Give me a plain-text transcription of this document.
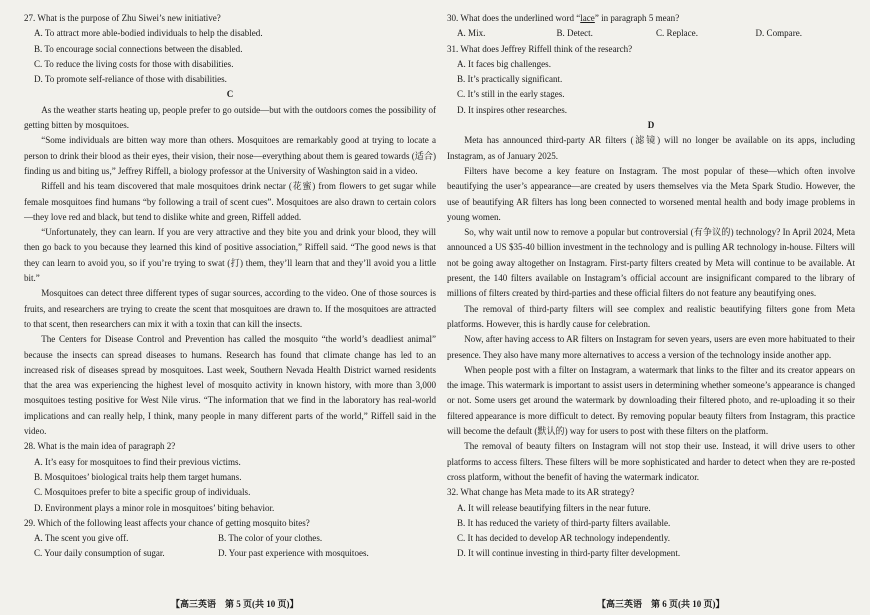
27. What is the purpose of Zhu Siwei’s new initiative?

A. To attract more able-bodied individuals to help the disabled.

B. To encourage social connections between the disabled.

C. To reduce the living costs for those with disabilities.

D. To promote self-reliance of those with disabilities.

C

As the weather starts heating up, people prefer to go outside—but with the outdoors comes the possibility of getting bitten by mosquitoes.

“Some individuals are bitten way more than others. Mosquitoes are remarkably good at trying to locate a person to drink their blood as their eyes, their vision, their nose—everything about them is geared towards (适合) finding us and biting us,” Jeffrey Riffell, a biology professor at the University of Washington said in a video.

Riffell and his team discovered that male mosquitoes drink nectar (花蜜) from flowers to get sugar while female mosquitoes find humans “by following a trail of scent cues”. Mosquitoes are also drawn to certain colors—they love red and black, but tend to dislike white and green, Riffell added.

“Unfortunately, they can learn. If you are very attractive and they bite you and drink your blood, they will then go back to you because they learned this kind of positive association,” Riffell said. “The good news is that they can learn to avoid you, so if you’re trying to swat (打) them, they’ll learn that and they’ll avoid you a little bit.”

Mosquitoes can detect three different types of sugar sources, according to the video. One of those sources is fruits, and researchers are trying to create the scent that mosquitoes are drawn to. If the mosquitoes are attracted to that scent, then researchers can mix it with a toxin that can kill the insects.

The Centers for Disease Control and Prevention has called the mosquito “the world’s deadliest animal” because the insects can spread diseases to humans. Research has found that climate change has led to an increased risk of diseases spread by mosquitoes. Last week, Southern Nevada Health District warned residents that the area was experiencing the highest level of mosquito activity in known history, with more than 3,000 mosquitoes testing positive for West Nile virus. “The information that we find in the laboratory has real-world implications and can really help, I think, many people in many different parts of the world,” Riffell said in the video.

28. What is the main idea of paragraph 2?

A. It’s easy for mosquitoes to find their previous victims.

B. Mosquitoes’ biological traits help them target humans.

C. Mosquitoes prefer to bite a specific group of individuals.

D. Environment plays a minor role in mosquitoes’ biting behavior.

29. Which of the following least affects your chance of getting mosquito bites?

A. The scent you give off.	B. The color of your clothes.
C. Your daily consumption of sugar.	D. Your past experience with mosquitoes.

30. What does the underlined word “lace” in paragraph 5 mean?

A. Mix.	B. Detect.	C. Replace.	D. Compare.

31. What does Jeffrey Riffell think of the research?

A. It faces big challenges.

B. It’s practically significant.

C. It’s still in the early stages.

D. It inspires other researches.

D

Meta has announced third-party AR filters (滤镜) will no longer be available on its apps, including Instagram, as of January 2025.

Filters have become a key feature on Instagram. The most popular of these—which often involve beautifying the user’s appearance—are created by users themselves via the Meta Spark Studio. However, the use of beautifying AR filters has long been connected to worsened mental health and body image problems in young women.

So, why wait until now to remove a popular but controversial (有争议的) technology? In April 2024, Meta announced a US $35-40 billion investment in the technology and is pulling AR technology in-house. Filters will not be going away altogether on Instagram. First-party filters created by Meta will continue to be available. At present, the 140 filters available on Instagram’s official account are insignificant compared to the library of millions of filters created by third-parties and these official filters do not feature any beautifying ones.

The removal of third-party filters will see complex and realistic beautifying filters gone from Meta platforms. However, this is hardly cause for celebration.

Now, after having access to AR filters on Instagram for seven years, users are even more habituated to their presence. They also have many more alternatives to access a version of the technology inside another app.

When people post with a filter on Instagram, a watermark that links to the filter and its creator appears on the image. This watermark is important to assist users in determining whether someone’s appearance is changed or not. Some users get around the watermark by downloading their filtered photo, and re-uploading it so their filtered appearance is more difficult to detect. By removing popular beauty filters from Instagram, this practice will become the default (默认的) way for users to post with these filters on the platform.

The removal of beauty filters on Instagram will not stop their use. Instead, it will drive users to other platforms to access filters. These filters will be more sophisticated and harder to detect when they are re-posted cross platform, without the benefit of having the watermark indicator.

32. What change has Meta made to its AR strategy?

A. It will release beautifying filters in the near future.

B. It has reduced the variety of third-party filters available.

C. It has decided to develop AR technology independently.

D. It will continue investing in third-party filter development.

【高三英语　第 5 页(共 10 页)】	【高三英语　第 6 页(共 10 页)】
